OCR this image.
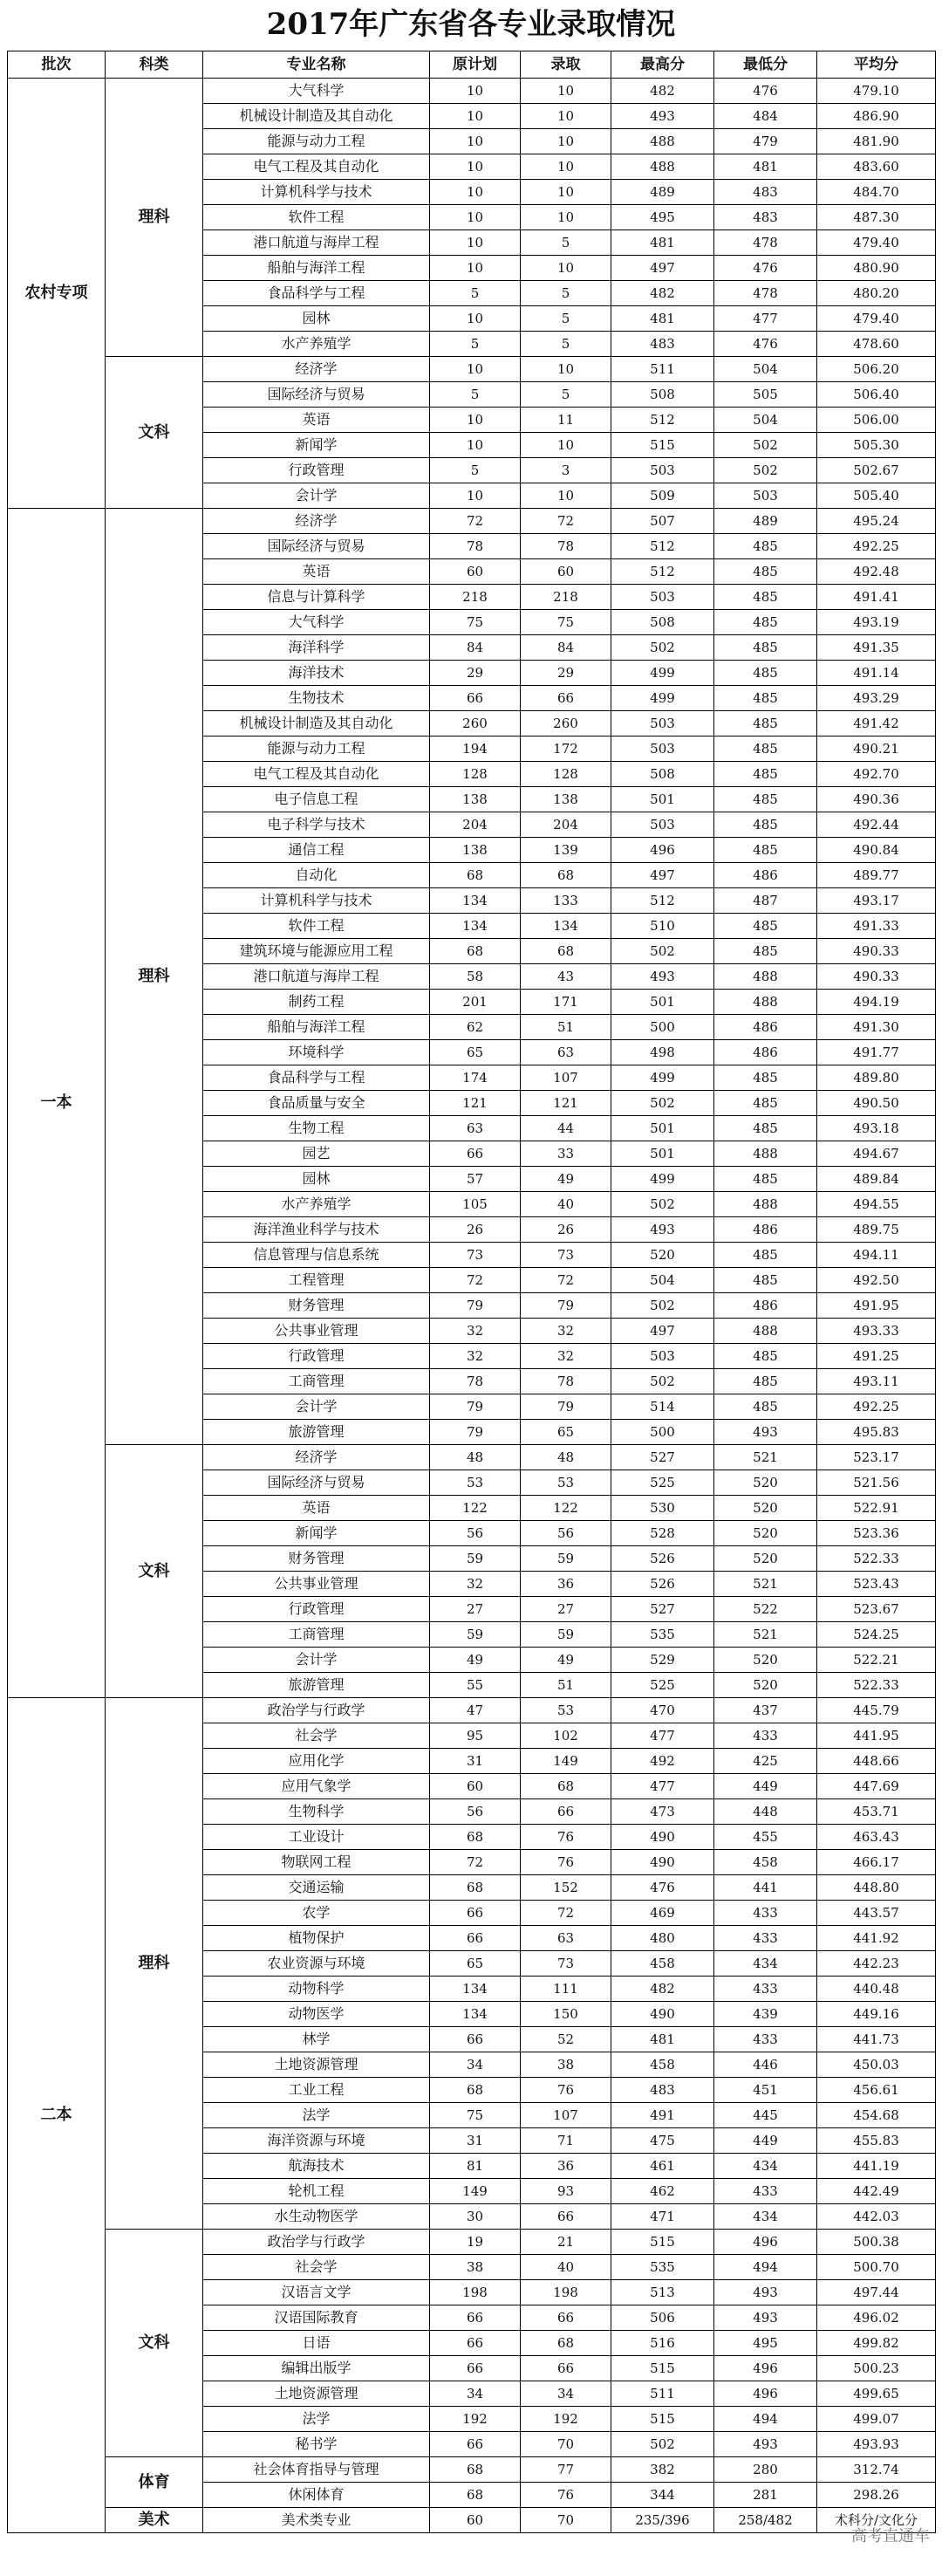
2017年广东省各专业录取情况
批次	科类	专业名称	原计划	录取	最高分	最低分	平均分
农村专项	理科	大气科学	10	10	482	476	479.10
		机械设计制造及其自动化	10	10	493	484	486.90
		能源与动力工程	10	10	488	479	481.90
		电气工程及其自动化	10	10	488	481	483.60
		计算机科学与技术	10	10	489	483	484.70
		软件工程	10	10	495	483	487.30
		港口航道与海岸工程	10	5	481	478	479.40
		船舶与海洋工程	10	10	497	476	480.90
		食品科学与工程	5	5	482	478	480.20
		园林	10	5	481	477	479.40
		水产养殖学	5	5	483	476	478.60
	文科	经济学	10	10	511	504	506.20
		国际经济与贸易	5	5	508	505	506.40
		英语	10	11	512	504	506.00
		新闻学	10	10	515	502	505.30
		行政管理	5	3	503	502	502.67
		会计学	10	10	509	503	505.40
一本	理科	经济学	72	72	507	489	495.24
		国际经济与贸易	78	78	512	485	492.25
		英语	60	60	512	485	492.48
		信息与计算科学	218	218	503	485	491.41
		大气科学	75	75	508	485	493.19
		海洋科学	84	84	502	485	491.35
		海洋技术	29	29	499	485	491.14
		生物技术	66	66	499	485	493.29
		机械设计制造及其自动化	260	260	503	485	491.42
		能源与动力工程	194	172	503	485	490.21
		电气工程及其自动化	128	128	508	485	492.70
		电子信息工程	138	138	501	485	490.36
		电子科学与技术	204	204	503	485	492.44
		通信工程	138	139	496	485	490.84
		自动化	68	68	497	486	489.77
		计算机科学与技术	134	133	512	487	493.17
		软件工程	134	134	510	485	491.33
		建筑环境与能源应用工程	68	68	502	485	490.33
		港口航道与海岸工程	58	43	493	488	490.33
		制药工程	201	171	501	488	494.19
		船舶与海洋工程	62	51	500	486	491.30
		环境科学	65	63	498	486	491.77
		食品科学与工程	174	107	499	485	489.80
		食品质量与安全	121	121	502	485	490.50
		生物工程	63	44	501	485	493.18
		园艺	66	33	501	488	494.67
		园林	57	49	499	485	489.84
		水产养殖学	105	40	502	488	494.55
		海洋渔业科学与技术	26	26	493	486	489.75
		信息管理与信息系统	73	73	520	485	494.11
		工程管理	72	72	504	485	492.50
		财务管理	79	79	502	486	491.95
		公共事业管理	32	32	497	488	493.33
		行政管理	32	32	503	485	491.25
		工商管理	78	78	502	485	493.11
		会计学	79	79	514	485	492.25
		旅游管理	79	65	500	493	495.83
	文科	经济学	48	48	527	521	523.17
		国际经济与贸易	53	53	525	520	521.56
		英语	122	122	530	520	522.91
		新闻学	56	56	528	520	523.36
		财务管理	59	59	526	520	522.33
		公共事业管理	32	36	526	521	523.43
		行政管理	27	27	527	522	523.67
		工商管理	59	59	535	521	524.25
		会计学	49	49	529	520	522.21
		旅游管理	55	51	525	520	522.33
二本	理科	政治学与行政学	47	53	470	437	445.79
		社会学	95	102	477	433	441.95
		应用化学	31	149	492	425	448.66
		应用气象学	60	68	477	449	447.69
		生物科学	56	66	473	448	453.71
		工业设计	68	76	490	455	463.43
		物联网工程	72	76	490	458	466.17
		交通运输	68	152	476	441	448.80
		农学	66	72	469	433	443.57
		植物保护	66	63	480	433	441.92
		农业资源与环境	65	73	458	434	442.23
		动物科学	134	111	482	433	440.48
		动物医学	134	150	490	439	449.16
		林学	66	52	481	433	441.73
		土地资源管理	34	38	458	446	450.03
		工业工程	68	76	483	451	456.61
		法学	75	107	491	445	454.68
		海洋资源与环境	31	71	475	449	455.83
		航海技术	81	36	461	434	441.19
		轮机工程	149	93	462	433	442.49
		水生动物医学	30	66	471	434	442.03
	文科	政治学与行政学	19	21	515	496	500.38
		社会学	38	40	535	494	500.70
		汉语言文学	198	198	513	493	497.44
		汉语国际教育	66	66	506	493	496.02
		日语	66	68	516	495	499.82
		编辑出版学	66	66	515	496	500.23
		土地资源管理	34	34	511	496	499.65
		法学	192	192	515	494	499.07
		秘书学	66	70	502	493	493.93
	体育	社会体育指导与管理	68	77	382	280	312.74
		休闲体育	68	76	344	281	298.26
	美术	美术类专业	60	70	235/396	258/482	术科分/文化分
高考直通车
